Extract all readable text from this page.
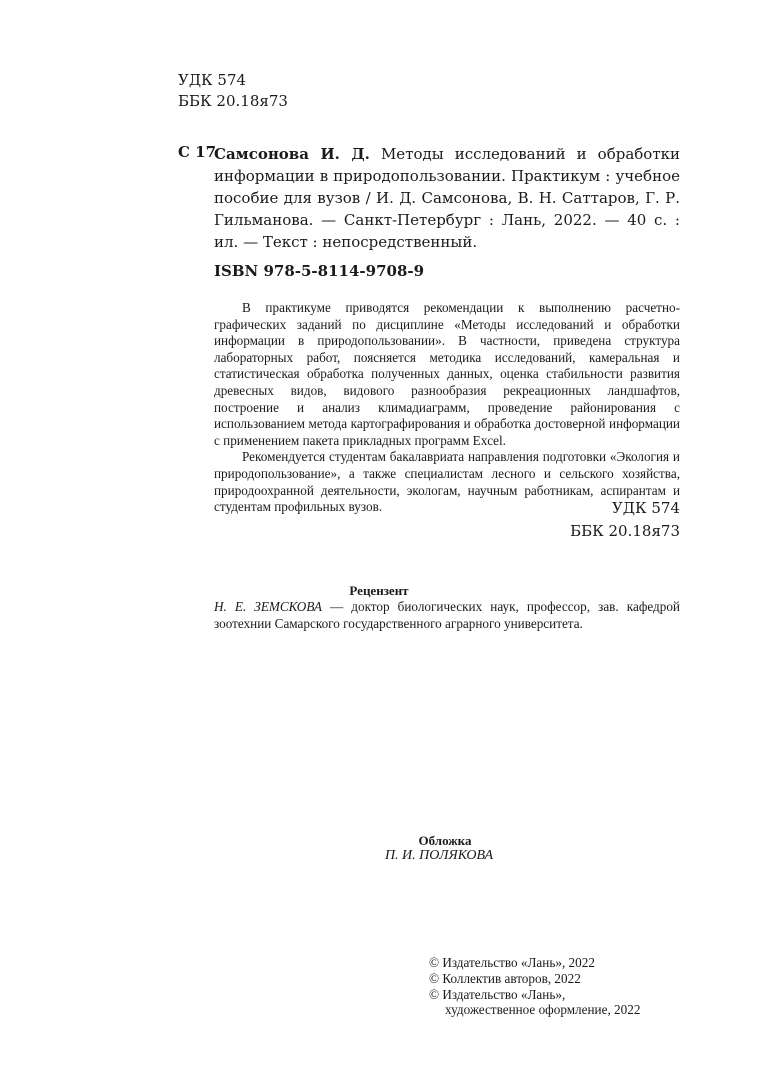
УДК 574
ББК 20.18я73
С 17
Самсонова И. Д. Методы исследований и обработки информации в природопользовании. Практикум : учебное пособие для вузов / И. Д. Самсонова, В. Н. Саттаров, Г. Р. Гильманова. — Санкт-Петербург : Лань, 2022. — 40 с. : ил. — Текст : непосредственный.
ISBN 978-5-8114-9708-9

В практикуме приводятся рекомендации к выполнению расчетно-графических заданий по дисциплине «Методы исследований и обработки информации в природопользовании». В частности, приведена структура лабораторных работ, поясняется методика исследований, камеральная и статистическая обработка полученных данных, оценка стабильности развития древесных видов, видового разнообразия рекреационных ландшафтов, построение и анализ климадиаграмм, проведение районирования с использованием метода картографирования и обработка достоверной информации с применением пакета прикладных программ Excel.

Рекомендуется студентам бакалавриата направления подготовки «Экология и природопользование», а также специалистам лесного и сельского хозяйства, природоохранной деятельности, экологам, научным работникам, аспирантам и студентам профильных вузов.	УДК 574
ББК 20.18я73
Рецензент
Н. Е. ЗЕМСКОВА — доктор биологических наук, профессор, зав. кафедрой зоотехнии Самарского государственного аграрного университета.
Обложка
П. И. ПОЛЯКОВА
© Издательство «Лань», 2022
© Коллектив авторов, 2022
© Издательство «Лань»,
художественное оформление, 2022
